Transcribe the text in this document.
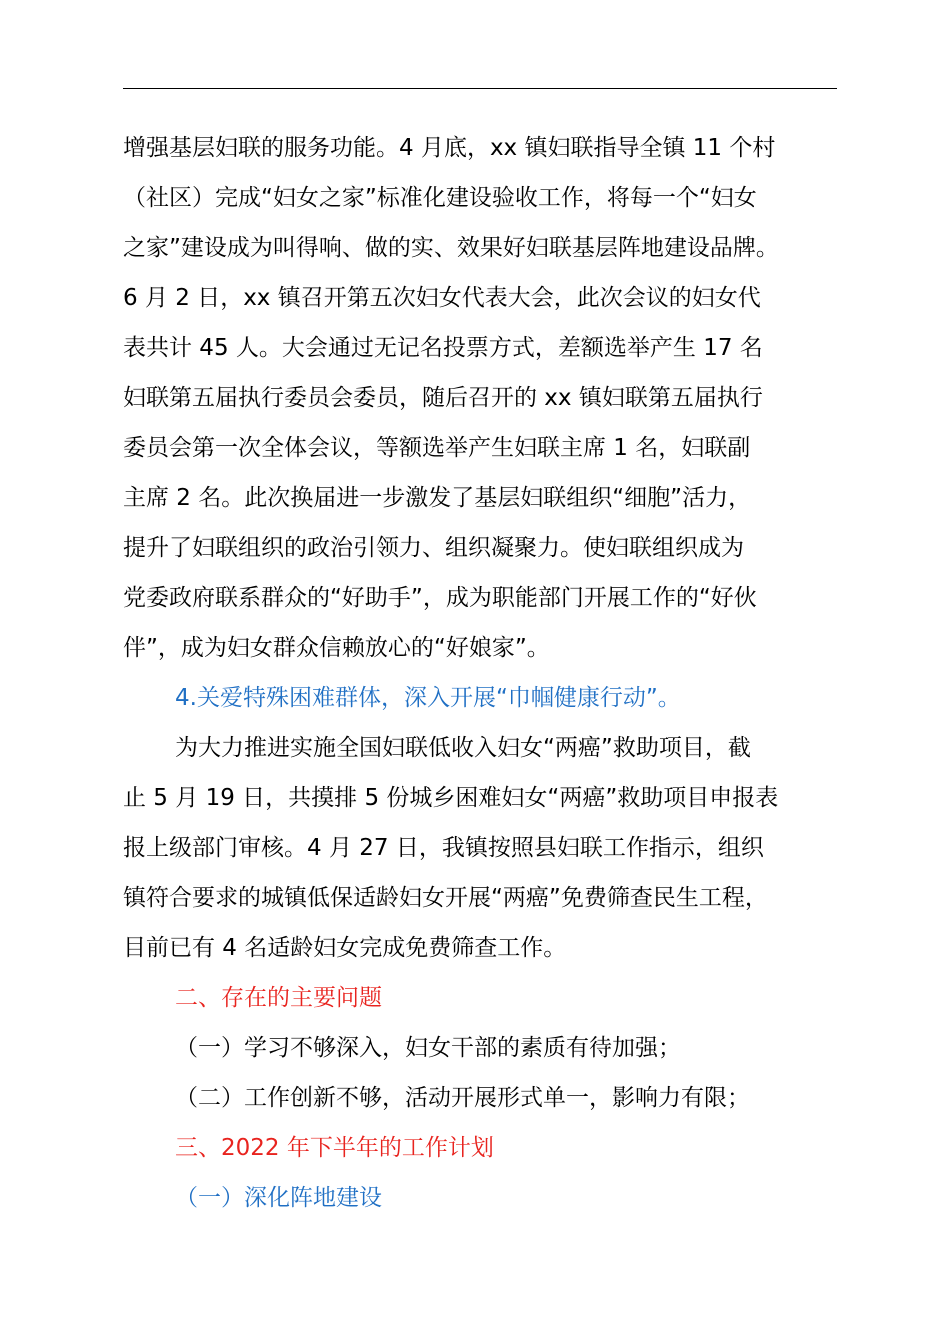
增强基层妇联的服务功能。4 月底，xx 镇妇联指导全镇 11 个村
（社区）完成“妇女之家”标准化建设验收工作，将每一个“妇女
之家”建设成为叫得响、做的实、效果好妇联基层阵地建设品牌。
6 月 2 日，xx 镇召开第五次妇女代表大会，此次会议的妇女代
表共计 45 人。大会通过无记名投票方式，差额选举产生 17 名
妇联第五届执行委员会委员，随后召开的 xx 镇妇联第五届执行
委员会第一次全体会议，等额选举产生妇联主席 1 名，妇联副
主席 2 名。此次换届进一步激发了基层妇联组织“细胞”活力，
提升了妇联组织的政治引领力、组织凝聚力。使妇联组织成为
党委政府联系群众的“好助手”，成为职能部门开展工作的“好伙
伴”，成为妇女群众信赖放心的“好娘家”。
4.关爱特殊困难群体，深入开展“巾帼健康行动”。
为大力推进实施全国妇联低收入妇女“两癌”救助项目，截
止 5 月 19 日，共摸排 5 份城乡困难妇女“两癌”救助项目申报表
报上级部门审核。4 月 27 日，我镇按照县妇联工作指示，组织
镇符合要求的城镇低保适龄妇女开展“两癌”免费筛查民生工程，
目前已有 4 名适龄妇女完成免费筛查工作。
二、存在的主要问题
（一）学习不够深入，妇女干部的素质有待加强；
（二）工作创新不够，活动开展形式单一，影响力有限；
三、2022 年下半年的工作计划
（一）深化阵地建设
